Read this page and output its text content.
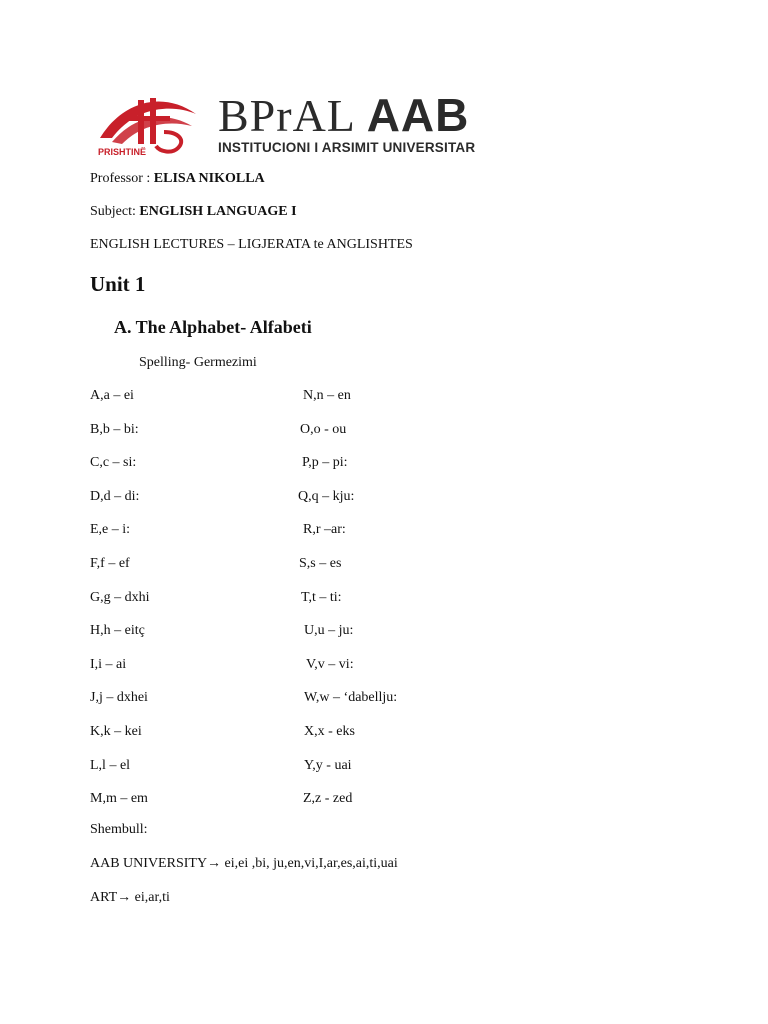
PRISHTINË
BPrAL AAB
INSTITUCIONI I ARSIMIT UNIVERSITAR
Professor : ELISA NIKOLLA
Subject: ENGLISH LANGUAGE I
ENGLISH LECTURES – LIGJERATA te ANGLISHTES
Unit 1
A. The Alphabet- Alfabeti
Spelling- Germezimi
A,a – ei	N,n – en
B,b – bi:	O,o - ou
C,c – si:	P,p – pi:
D,d – di:	Q,q – kju:
E,e – i:	R,r –ar:
F,f – ef	S,s – es
G,g – dxhi	T,t – ti:
H,h – eitç	U,u – ju:
I,i – ai	V,v – vi:
J,j – dxhei	W,w – ‘dabellju:
K,k – kei	X,x - eks
L,l – el	Y,y - uai
M,m – em	Z,z - zed
Shembull:
AAB UNIVERSITY→ ei,ei ,bi, ju,en,vi,I,ar,es,ai,ti,uai
ART→ ei,ar,ti
